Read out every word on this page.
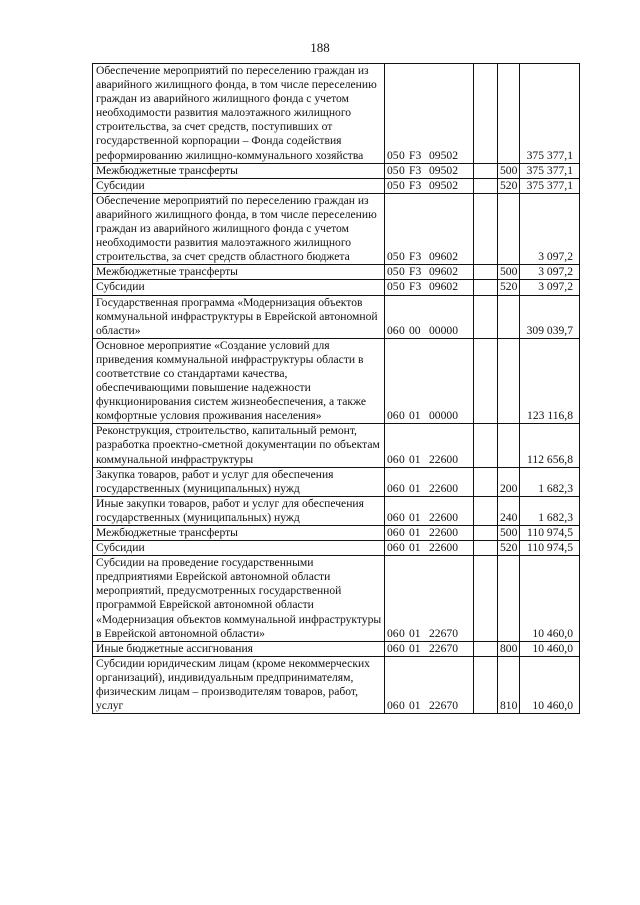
188
Обеспечение мероприятий по переселению граждан из аварийного жилищного фонда, в том числе переселению граждан из аварийного жилищного фонда с учетом необходимости развития малоэтажного жилищного строительства, за счет средств, поступивших от государственной корпорации – Фонда содействия реформированию жилищно-коммунального хозяйства	050 F3 09502			375 377,1
Межбюджетные трансферты	050 F3 09502		500	375 377,1
Субсидии	050 F3 09502		520	375 377,1
Обеспечение мероприятий по переселению граждан из аварийного жилищного фонда, в том числе переселению граждан из аварийного жилищного фонда с учетом необходимости развития малоэтажного жилищного строительства, за счет средств областного бюджета	050 F3 09602			3 097,2
Межбюджетные трансферты	050 F3 09602		500	3 097,2
Субсидии	050 F3 09602		520	3 097,2
Государственная программа «Модернизация объектов коммунальной инфраструктуры в Еврейской автономной области»	060 00 00000			309 039,7
Основное мероприятие «Создание условий для приведения коммунальной инфраструктуры области в соответствие со стандартами качества, обеспечивающими повышение надежности функционирования систем жизнеобеспечения, а также комфортные условия проживания населения»	060 01 00000			123 116,8
Реконструкция, строительство, капитальный ремонт, разработка проектно-сметной документации по объектам коммунальной инфраструктуры	060 01 22600			112 656,8
Закупка товаров, работ и услуг для обеспечения государственных (муниципальных) нужд	060 01 22600		200	1 682,3
Иные закупки товаров, работ и услуг для обеспечения государственных (муниципальных) нужд	060 01 22600		240	1 682,3
Межбюджетные трансферты	060 01 22600		500	110 974,5
Субсидии	060 01 22600		520	110 974,5
Субсидии на проведение государственными предприятиями Еврейской автономной области мероприятий, предусмотренных государственной программой Еврейской автономной области «Модернизация объектов коммунальной инфраструктуры в Еврейской автономной области»	060 01 22670			10 460,0
Иные бюджетные ассигнования	060 01 22670		800	10 460,0
Субсидии юридическим лицам (кроме некоммерческих организаций), индивидуальным предпринимателям, физическим лицам – производителям товаров, работ, услуг	060 01 22670		810	10 460,0
